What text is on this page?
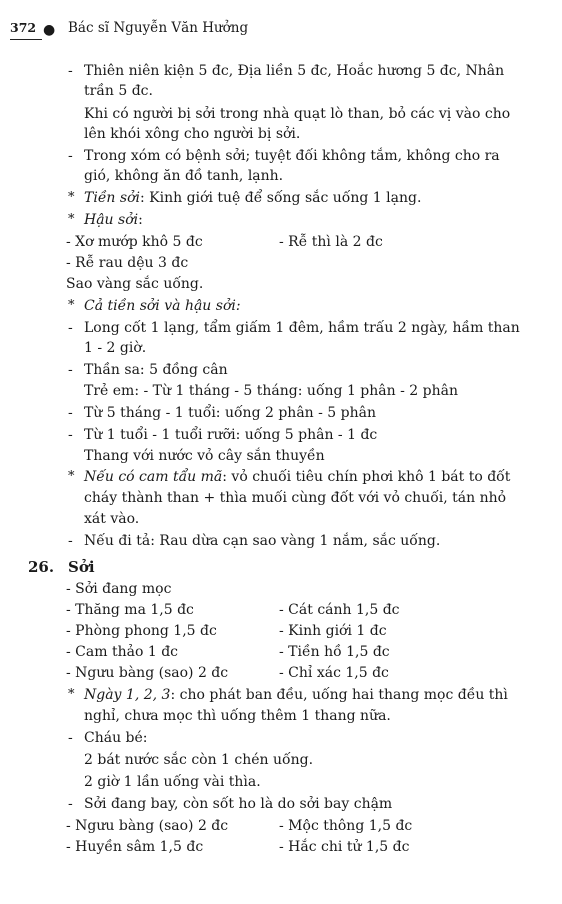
372 ● Bác sĩ Nguyễn Văn Hưởng
- Thiên niên kiện 5 đc, Địa liền 5 đc, Hoắc hương 5 đc, Nhân
trần 5 đc.
Khi có người bị sởi trong nhà quạt lò than, bỏ các vị vào cho
lên khói xông cho người bị sởi.
- Trong xóm có bệnh sởi; tuyệt đối không tắm, không cho ra
gió, không ăn đồ tanh, lạnh.
* Tiền sởi: Kinh giới tuệ để sống sắc uống 1 lạng.
* Hậu sởi:
- Xơ mướp khô 5 đc	- Rễ thì là 2 đc
- Rễ rau dệu 3 đc
Sao vàng sắc uống.
* Cả tiền sởi và hậu sởi:
- Long cốt 1 lạng, tẩm giấm 1 đêm, hầm trấu 2 ngày, hầm than
1 - 2 giờ.
- Thần sa: 5 đồng cân
Trẻ em: - Từ 1 tháng - 5 tháng: uống 1 phân - 2 phân
- Từ 5 tháng - 1 tuổi: uống 2 phân - 5 phân
- Từ 1 tuổi - 1 tuổi rưỡi: uống 5 phân - 1 đc
Thang với nước vỏ cây sắn thuyền
* Nếu có cam tẩu mã: vỏ chuối tiêu chín phơi khô 1 bát to đốt
cháy thành than + thìa muối cùng đốt với vỏ chuối, tán nhỏ
xát vào.
- Nếu đi tả: Rau dừa cạn sao vàng 1 nắm, sắc uống.
26. Sởi
- Sởi đang mọc
- Thăng ma 1,5 đc	- Cát cánh 1,5 đc
- Phòng phong 1,5 đc	- Kinh giới 1 đc
- Cam thảo 1 đc	- Tiền hồ 1,5 đc
- Ngưu bàng (sao) 2 đc	- Chỉ xác 1,5 đc
* Ngày 1, 2, 3: cho phát ban đều, uống hai thang mọc đều thì
nghỉ, chưa mọc thì uống thêm 1 thang nữa.
- Cháu bé:
2 bát nước sắc còn 1 chén uống.
2 giờ 1 lần uống vài thìa.
- Sởi đang bay, còn sốt ho là do sởi bay chậm
- Ngưu bàng (sao) 2 đc	- Mộc thông 1,5 đc
- Huyền sâm 1,5 đc	- Hắc chi tử 1,5 đc
